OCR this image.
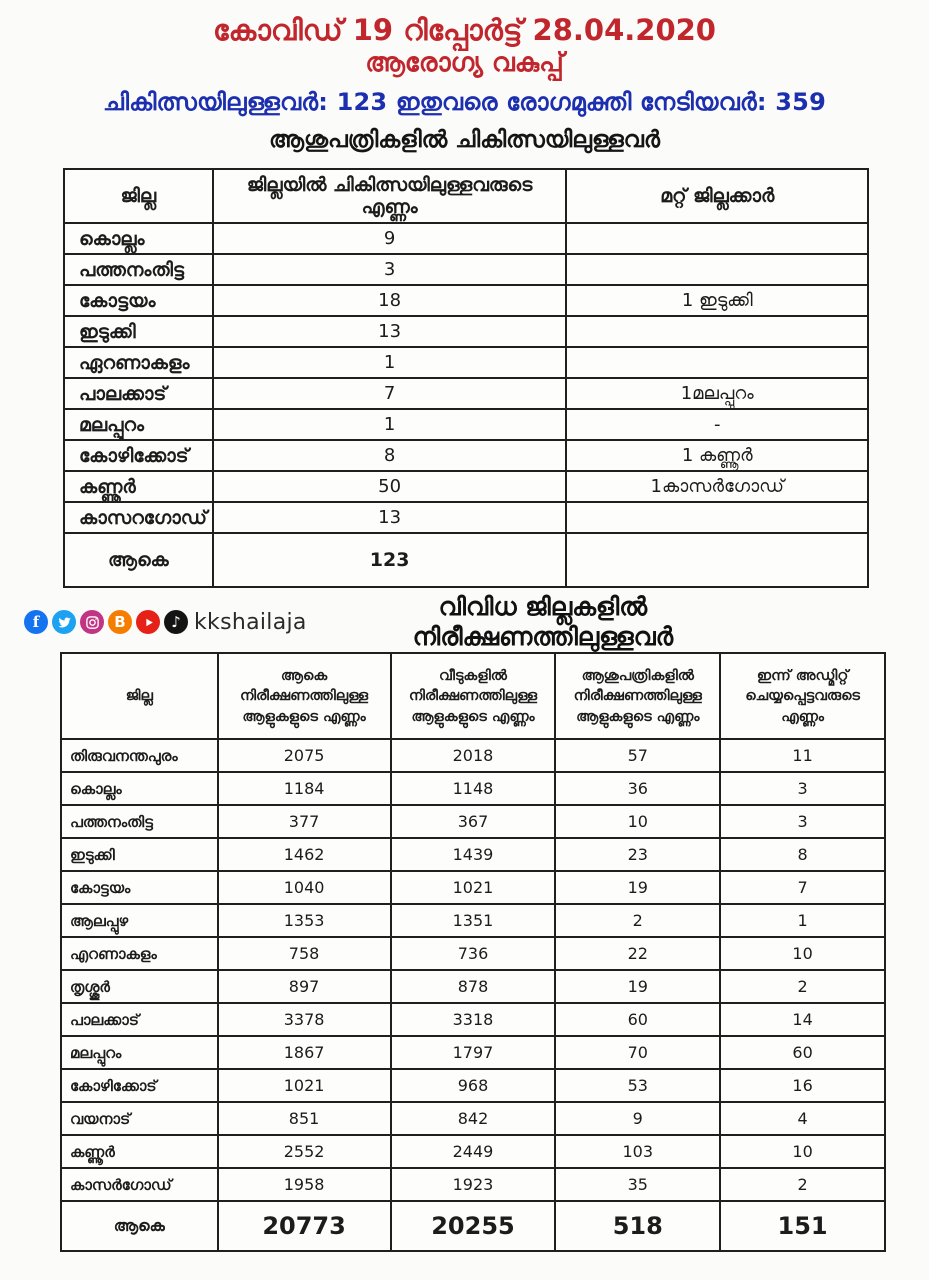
കോവിഡ് 19 റിപ്പോർട്ട് 28.04.2020
ആരോഗ്യ വകുപ്പ്
ചികിത്സയിലുള്ളവർ: 123 ഇതുവരെ രോഗമുക്തി നേടിയവർ: 359
ആശുപത്രികളിൽ ചികിത്സയിലുള്ളവർ
ജില്ല	ജില്ലയിൽ ചികിത്സയിലുള്ളവരുടെ എണ്ണം	മറ്റ് ജില്ലക്കാർ
കൊല്ലം	9	
പത്തനംതിട്ട	3	
കോട്ടയം	18	1 ഇടുക്കി
ഇടുക്കി	13	
ഏറണാകളം	1	
പാലക്കാട്	7	1മലപ്പുറം
മലപ്പുറം	1	-
കോഴിക്കോട്	8	1 കണ്ണൂർ
കണ്ണൂർ	50	1കാസർഗോഡ്
കാസറഗോഡ്	13	
ആകെ	123	
f	B	♪ kkshailaja
വിവിധ ജില്ലകളിൽ നിരീക്ഷണത്തിലുള്ളവർ
ജില്ല	ആകെ നിരീക്ഷണത്തിലുള്ള ആളുകളുടെ എണ്ണം	വീടുകളിൽ നിരീക്ഷണത്തിലുള്ള ആളുകളുടെ എണ്ണം	ആശുപത്രികളിൽ നിരീക്ഷണത്തിലുള്ള ആളുകളുടെ എണ്ണം	ഇന്ന് അഡ്മിറ്റ് ചെയ്യപ്പെട്ടവരുടെ എണ്ണം
തിരുവനന്തപുരം	2075	2018	57	11
കൊല്ലം	1184	1148	36	3
പത്തനംതിട്ട	377	367	10	3
ഇടുക്കി	1462	1439	23	8
കോട്ടയം	1040	1021	19	7
ആലപ്പുഴ	1353	1351	2	1
എറണാകളം	758	736	22	10
തൃശ്ശൂർ	897	878	19	2
പാലക്കാട്	3378	3318	60	14
മലപ്പുറം	1867	1797	70	60
കോഴിക്കോട്	1021	968	53	16
വയനാട്	851	842	9	4
കണ്ണൂർ	2552	2449	103	10
കാസർഗോഡ്	1958	1923	35	2
ആകെ	20773	20255	518	151
